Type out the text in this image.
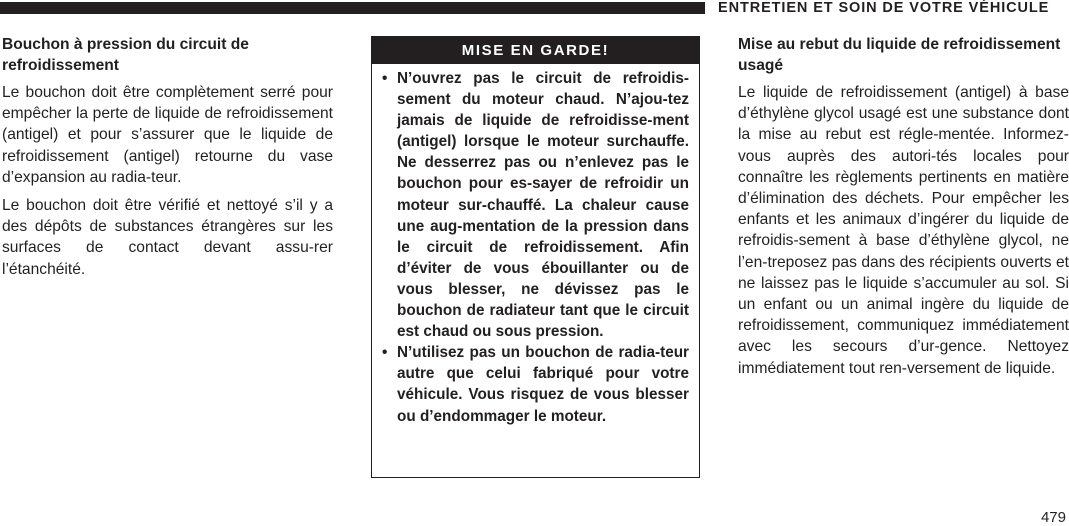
ENTRETIEN ET SOIN DE VOTRE VÉHICULE
Bouchon à pression du circuit de refroidissement

Le bouchon doit être complètement serré pour empêcher la perte de liquide de refroidissement (antigel) et pour s’assurer que le liquide de refroidissement (antigel) retourne du vase d’expansion au radia-teur.

Le bouchon doit être vérifié et nettoyé s’il y a des dépôts de substances étrangères sur les surfaces de contact devant assu-rer l’étanchéité.

MISE EN GARDE!
• N’ouvrez pas le circuit de refroidis-sement du moteur chaud. N’ajou-tez jamais de liquide de refroidisse-ment (antigel) lorsque le moteur surchauffe. Ne desserrez pas ou n’enlevez pas le bouchon pour es-sayer de refroidir un moteur sur-chauffé. La chaleur cause une aug-mentation de la pression dans le circuit de refroidissement. Afin d’éviter de vous ébouillanter ou de vous blesser, ne dévissez pas le bouchon de radiateur tant que le circuit est chaud ou sous pression.
• N’utilisez pas un bouchon de radia-teur autre que celui fabriqué pour votre véhicule. Vous risquez de vous blesser ou d’endommager le moteur.
Mise au rebut du liquide de refroidissement usagé

Le liquide de refroidissement (antigel) à base d’éthylène glycol usagé est une substance dont la mise au rebut est régle-mentée. Informez-vous auprès des autori-tés locales pour connaître les règlements pertinents en matière d’élimination des déchets. Pour empêcher les enfants et les animaux d’ingérer du liquide de refroidis-sement à base d’éthylène glycol, ne l’en-treposez pas dans des récipients ouverts et ne laissez pas le liquide s’accumuler au sol. Si un enfant ou un animal ingère du liquide de refroidissement, communiquez immédiatement avec les secours d’ur-gence. Nettoyez immédiatement tout ren-versement de liquide.

479
